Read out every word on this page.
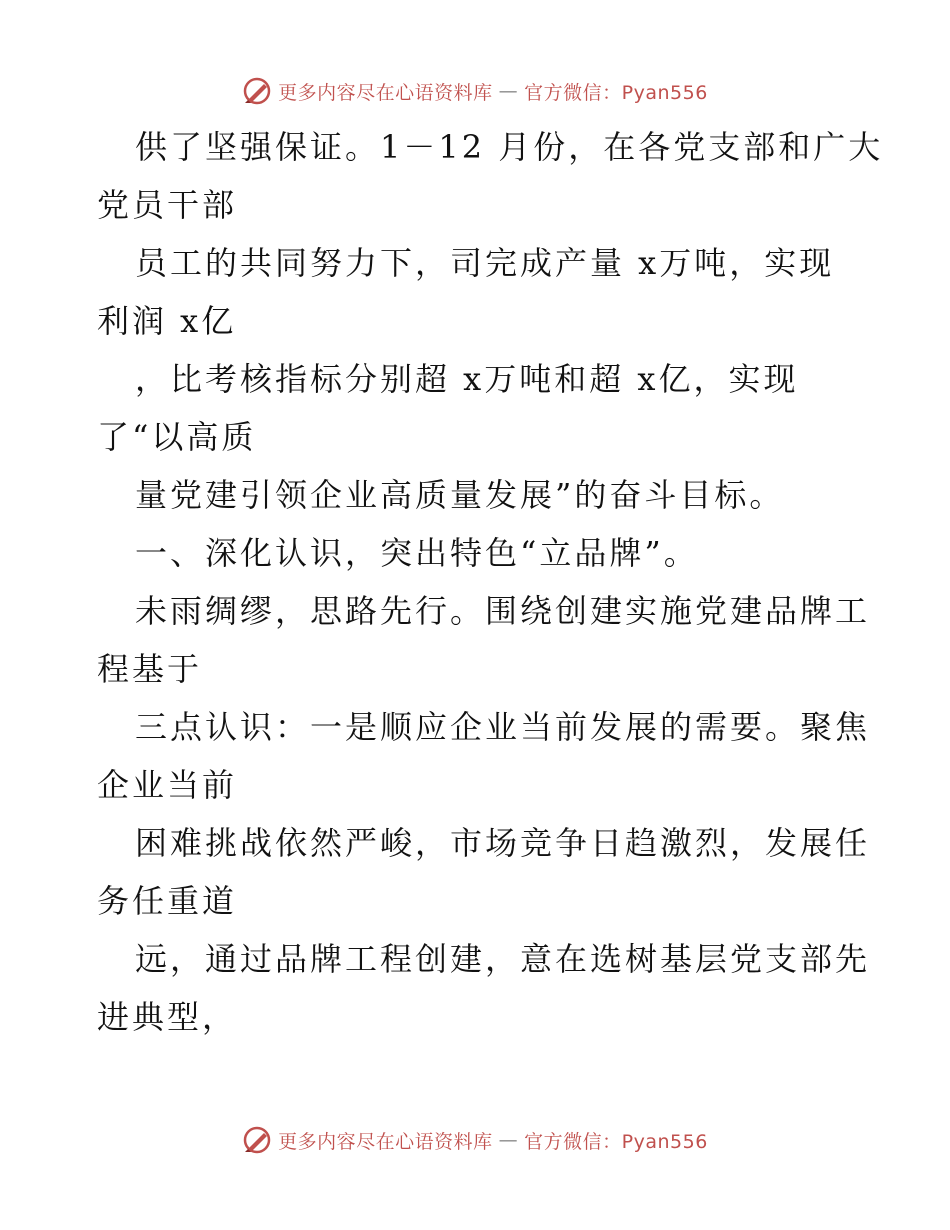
更多内容尽在心语资料库 — 官方微信：Pyan556
供了坚强保证。1－12 月份，在各党支部和广大
党员干部
员工的共同努力下，司完成产量 x万吨，实现
利润 x亿
，比考核指标分别超 x万吨和超 x亿，实现
了“以高质
量党建引领企业高质量发展”的奋斗目标。
一、深化认识，突出特色“立品牌”。
未雨绸缪，思路先行。围绕创建实施党建品牌工
程基于
三点认识：一是顺应企业当前发展的需要。聚焦
企业当前
困难挑战依然严峻，市场竞争日趋激烈，发展任
务任重道
远，通过品牌工程创建，意在选树基层党支部先
进典型，
更多内容尽在心语资料库 — 官方微信：Pyan556
